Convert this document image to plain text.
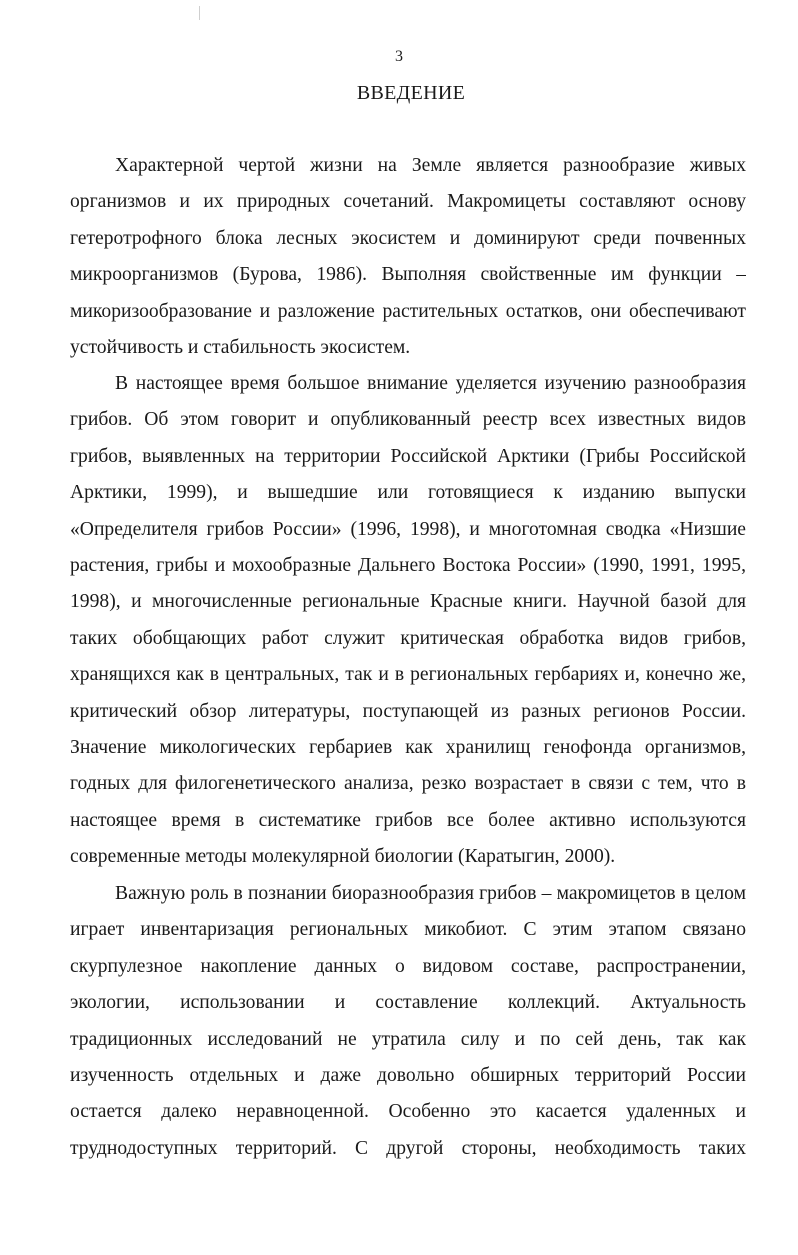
3
ВВЕДЕНИЕ
Характерной чертой жизни на Земле является разнообразие живых
организмов и их природных сочетаний. Макромицеты составляют основу
гетеротрофного блока лесных экосистем и доминируют среди почвенных
микроорганизмов (Бурова, 1986). Выполняя свойственные им функции –
микоризообразование и разложение растительных остатков, они обеспечивают
устойчивость и стабильность экосистем.
В настоящее время большое внимание уделяется изучению разнообразия
грибов. Об этом говорит и опубликованный реестр всех известных видов
грибов, выявленных на территории Российской Арктики (Грибы Российской
Арктики, 1999), и вышедшие или готовящиеся к изданию выпуски
«Определителя грибов России» (1996, 1998), и многотомная сводка «Низшие
растения, грибы и мохообразные Дальнего Востока России» (1990, 1991, 1995,
1998), и многочисленные региональные Красные книги. Научной базой для
таких обобщающих работ служит критическая обработка видов грибов,
хранящихся как в центральных, так и в региональных гербариях и, конечно же,
критический обзор литературы, поступающей из разных регионов России.
Значение микологических гербариев как хранилищ генофонда организмов,
годных для филогенетического анализа, резко возрастает в связи с тем, что в
настоящее время в систематике грибов все более активно используются
современные методы молекулярной биологии (Каратыгин, 2000).
Важную роль в познании биоразнообразия грибов – макромицетов в целом
играет инвентаризация региональных микобиот. С этим этапом связано
скурпулезное накопление данных о видовом составе, распространении,
экологии, использовании и составление коллекций. Актуальность
традиционных исследований не утратила силу и по сей день, так как
изученность отдельных и даже довольно обширных территорий России
остается далеко неравноценной. Особенно это касается удаленных и
труднодоступных территорий. С другой стороны, необходимость таких
